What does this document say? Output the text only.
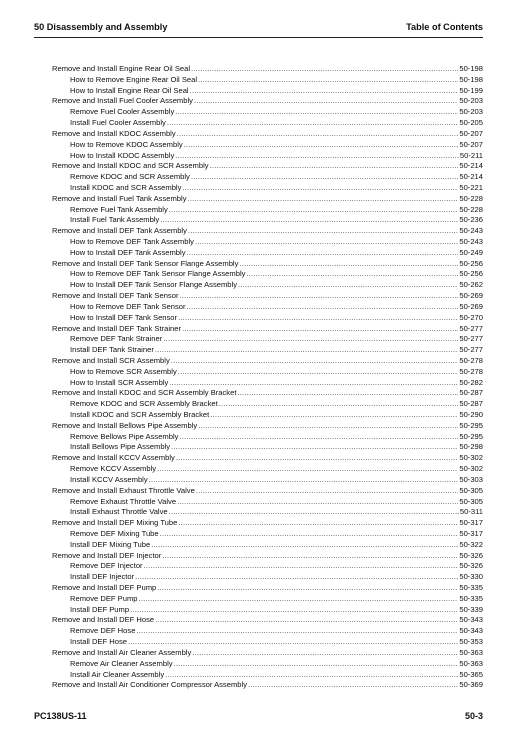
50 Disassembly and Assembly	Table of Contents
Remove and Install Engine Rear Oil Seal .....	50-198
How to Remove Engine Rear Oil Seal .....	50-198
How to Install Engine Rear Oil Seal .....	50-199
Remove and Install Fuel Cooler Assembly .....	50-203
Remove Fuel Cooler Assembly .....	50-203
Install Fuel Cooler Assembly .....	50-205
Remove and Install KDOC Assembly .....	50-207
How to Remove KDOC Assembly .....	50-207
How to Install KDOC Assembly .....	50-211
Remove and Install KDOC and SCR Assembly .....	50-214
Remove KDOC and SCR Assembly .....	50-214
Install KDOC and SCR Assembly .....	50-221
Remove and Install Fuel Tank Assembly .....	50-228
Remove Fuel Tank Assembly .....	50-228
Install Fuel Tank Assembly .....	50-236
Remove and Install DEF Tank Assembly .....	50-243
How to Remove DEF Tank Assembly .....	50-243
How to Install DEF Tank Assembly .....	50-249
Remove and Install DEF Tank Sensor Flange Assembly .....	50-256
How to Remove DEF Tank Sensor Flange Assembly .....	50-256
How to Install DEF Tank Sensor Flange Assembly .....	50-262
Remove and Install DEF Tank Sensor .....	50-269
How to Remove DEF Tank Sensor .....	50-269
How to Install DEF Tank Sensor .....	50-270
Remove and Install DEF Tank Strainer .....	50-277
Remove DEF Tank Strainer .....	50-277
Install DEF Tank Strainer .....	50-277
Remove and Install SCR Assembly .....	50-278
How to Remove SCR Assembly .....	50-278
How to Install SCR Assembly .....	50-282
Remove and Install KDOC and SCR Assembly Bracket .....	50-287
Remove KDOC and SCR Assembly Bracket .....	50-287
Install KDOC and SCR Assembly Bracket .....	50-290
Remove and Install Bellows Pipe Assembly .....	50-295
Remove Bellows Pipe Assembly .....	50-295
Install Bellows Pipe Assembly .....	50-298
Remove and Install KCCV Assembly .....	50-302
Remove KCCV Assembly .....	50-302
Install KCCV Assembly .....	50-303
Remove and Install Exhaust Throttle Valve .....	50-305
Remove Exhaust Throttle Valve .....	50-305
Install Exhaust Throttle Valve .....	50-311
Remove and Install DEF Mixing Tube .....	50-317
Remove DEF Mixing Tube .....	50-317
Install DEF Mixing Tube .....	50-322
Remove and Install DEF Injector .....	50-326
Remove DEF Injector .....	50-326
Install DEF Injector .....	50-330
Remove and Install DEF Pump .....	50-335
Remove DEF Pump .....	50-335
Install DEF Pump .....	50-339
Remove and Install DEF Hose .....	50-343
Remove DEF Hose .....	50-343
Install DEF Hose .....	50-353
Remove and Install Air Cleaner Assembly .....	50-363
Remove Air Cleaner Assembly .....	50-363
Install Air Cleaner Assembly .....	50-365
Remove and Install Air Conditioner Compressor Assembly .....	50-369
PC138US-11	50-3
